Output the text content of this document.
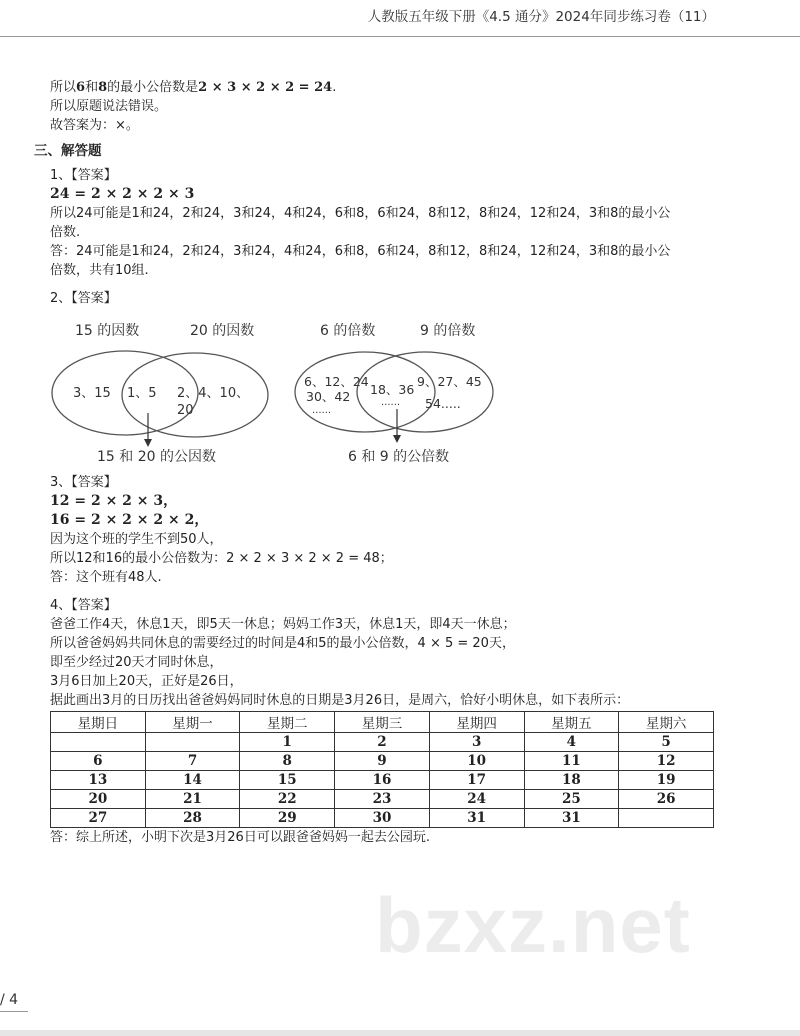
人教版五年级下册《4.5 通分》2024年同步练习卷（11）
所以6和8的最小公倍数是2 × 3 × 2 × 2 = 24.
所以原题说法错误。
故答案为：×。
三、解答题
1、【答案】
24 = 2 × 2 × 2 × 3
所以24可能是1和24，2和24，3和24，4和24，6和8，6和24，8和12，8和24，12和24，3和8的最小公
倍数.
答：24可能是1和24，2和24，3和24，4和24，6和8，6和24，8和12，8和24，12和24，3和8的最小公
倍数，共有10组.
2、【答案】
15 的因数	20 的因数
3、15 1、5 2、4、10、
20
15 和 20 的公因数
6 的倍数	9 的倍数
6、12、24
30、42
......
18、36
......
9、27、45
54.....
6 和 9 的公倍数
3、【答案】
12 = 2 × 2 × 3，
16 = 2 × 2 × 2 × 2，
因为这个班的学生不到50人，
所以12和16的最小公倍数为：2 × 2 × 3 × 2 × 2 = 48；
答：这个班有48人.
4、【答案】
爸爸工作4天，休息1天，即5天一休息；妈妈工作3天，休息1天，即4天一休息；
所以爸爸妈妈共同休息的需要经过的时间是4和5的最小公倍数，4 × 5 = 20天，
即至少经过20天才同时休息，
3月6日加上20天，正好是26日，
据此画出3月的日历找出爸爸妈妈同时休息的日期是3月26日，是周六，恰好小明休息，如下表所示：
星期日	星期一	星期二	星期三	星期四	星期五	星期六
		1	2	3	4	5
6	7	8	9	10	11	12
13	14	15	16	17	18	19
20	21	22	23	24	25	26
27	28	29	30	31	31	
答：综上所述，小明下次是3月26日可以跟爸爸妈妈一起去公园玩.
bzxz.net
/ 4
